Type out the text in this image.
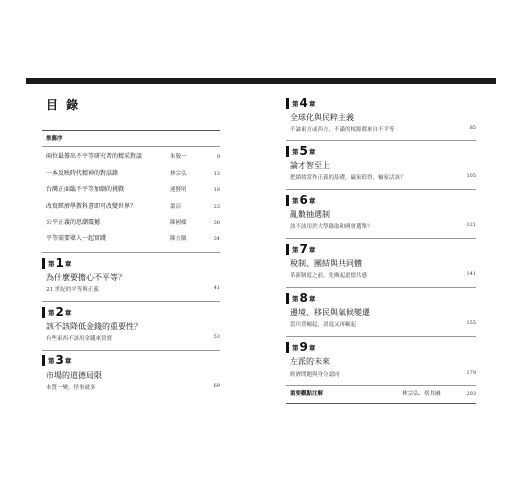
目 錄
推薦序
兩位最撐出不平等研究者的精采對談	朱敬一	9
一本反映時代精神的對話錄	林宗弘	13
台灣正面臨不平等加劇的挑戰	連賢明	18
改寫經濟學教科書即可改變世界？	蕭涼	23
公平正義的思潮震撼	陳國樑	30
平等需要眾人一起實踐	陳方隅	34
第 1 章
為什麼要擔心不平等？
21 世紀的平等與正義	41
第 2 章
該不該降低金錢的重要性？
有些東西不該用金錢來買賣	53
第 3 章
市場的道德局限
本質一變，怪事就多	69
第 4 章
全球化與民粹主義
不論東方或西方，不滿的根源都來自不平等	85
第 5 章
論才智至上
把績效當作正義的基礎，贏家值得，輸家活該？	105
第 6 章
亂數抽選制
該不該用於大學錄取和國會選舉？	121
第 7 章
稅制、團結與共同體
革新制度之前，先喚起道德共感	141
第 8 章
邊境、移民與氣候變遷
當川普崛起，消退又再崛起	155
第 9 章
左派的未來
經濟問題與身分認同	179
重要觀點注解	林宗弘、蔡其融	203
